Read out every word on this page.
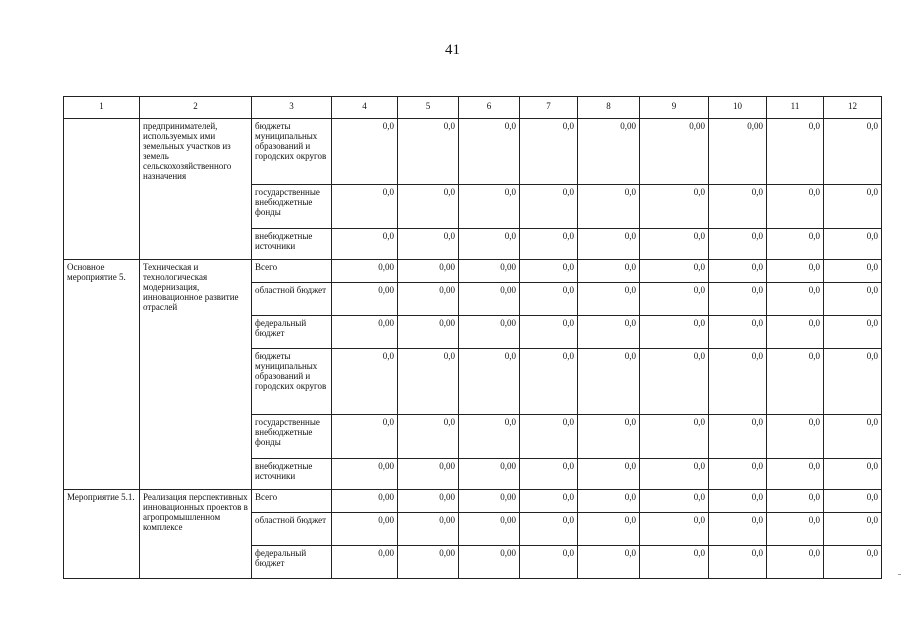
41
1	2	3	4	5	6	7	8	9	10	11	12
	предпринимателей, используемых ими земельных участков из земель сельскохозяйственного назначения	бюджеты муниципальных образований и городских округов	0,0	0,0	0,0	0,0	0,00	0,00	0,00	0,0	0,0
		государственные внебюджетные фонды	0,0	0,0	0,0	0,0	0,0	0,0	0,0	0,0	0,0
		внебюджетные источники	0,0	0,0	0,0	0,0	0,0	0,0	0,0	0,0	0,0
Основное мероприятие 5.	Техническая и технологическая модернизация, инновационное развитие отраслей	Всего	0,00	0,00	0,00	0,0	0,0	0,0	0,0	0,0	0,0
		областной бюджет	0,00	0,00	0,00	0,0	0,0	0,0	0,0	0,0	0,0
		федеральный бюджет	0,00	0,00	0,00	0,0	0,0	0,0	0,0	0,0	0,0
		бюджеты муниципальных образований и городских округов	0,0	0,0	0,0	0,0	0,0	0,0	0,0	0,0	0,0
		государственные внебюджетные фонды	0,0	0,0	0,0	0,0	0,0	0,0	0,0	0,0	0,0
		внебюджетные источники	0,00	0,00	0,00	0,0	0,0	0,0	0,0	0,0	0,0
Мероприятие 5.1.	Реализация перспективных инновационных проектов в агропромышленном комплексе	Всего	0,00	0,00	0,00	0,0	0,0	0,0	0,0	0,0	0,0
		областной бюджет	0,00	0,00	0,00	0,0	0,0	0,0	0,0	0,0	0,0
		федеральный бюджет	0,00	0,00	0,00	0,0	0,0	0,0	0,0	0,0	0,0
